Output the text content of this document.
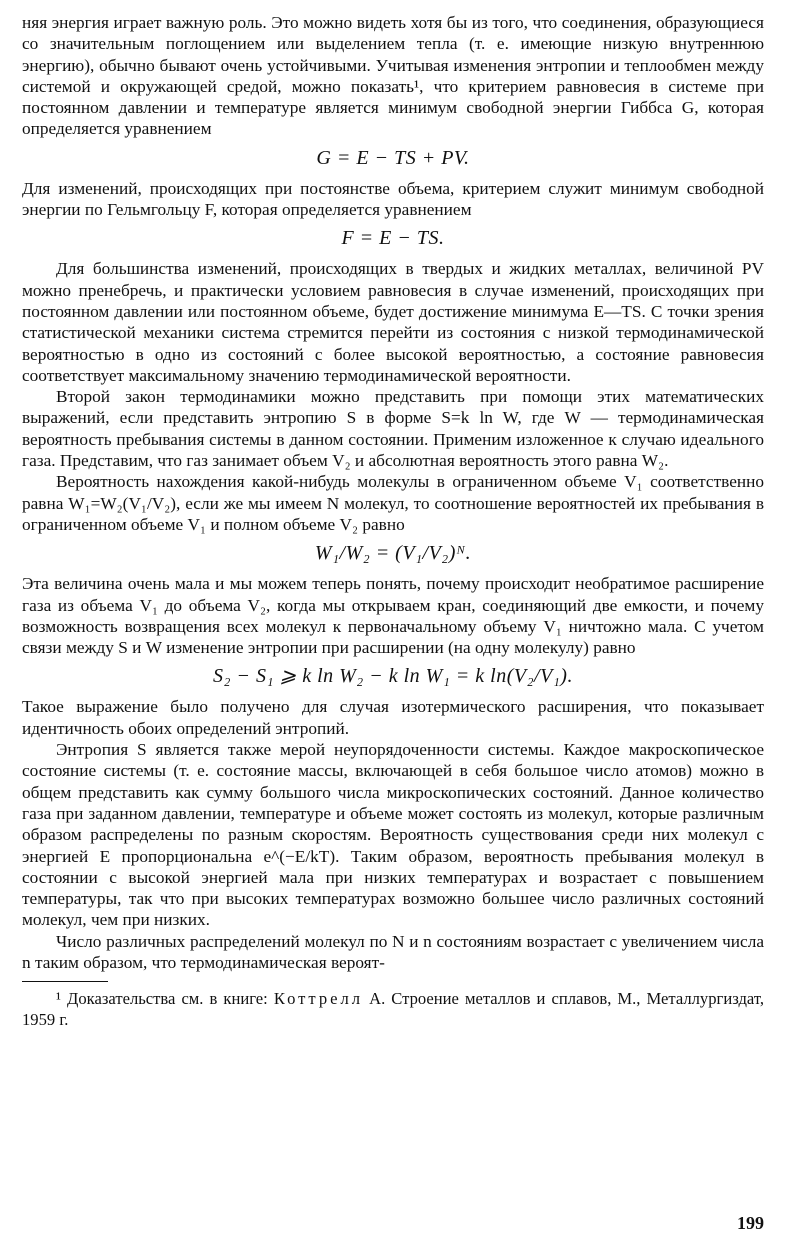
няя энергия играет важную роль. Это можно видеть хотя бы из того, что соединения, образующиеся со значительным поглощением или выделением тепла (т. е. имеющие низкую внутреннюю энергию), обычно бывают очень устойчивыми. Учитывая изменения энтропии и теплообмен между системой и окружающей средой, можно показать¹, что критерием равновесия в системе при постоянном давлении и температуре является минимум свободной энергии Гиббса G, которая определяется уравнением

G = E − TS + PV.

Для изменений, происходящих при постоянстве объема, критерием служит минимум свободной энергии по Гельмгольцу F, которая определяется уравнением

F = E − TS.

Для большинства изменений, происходящих в твердых и жидких металлах, величиной PV можно пренебречь, и практически условием равновесия в случае изменений, происходящих при постоянном давлении или постоянном объеме, будет достижение минимума E—TS. С точки зрения статистической механики система стремится перейти из состояния с низкой термодинамической вероятностью в одно из состояний с более высокой вероятностью, а состояние равновесия соответствует максимальному значению термодинамической вероятности.

Второй закон термодинамики можно представить при помощи этих математических выражений, если представить энтропию S в форме S=k ln W, где W — термодинамическая вероятность пребывания системы в данном состоянии. Применим изложенное к случаю идеального газа. Представим, что газ занимает объем V₂ и абсолютная вероятность этого равна W₂.

Вероятность нахождения какой-нибудь молекулы в ограниченном объеме V₁ соответственно равна W₁=W₂(V₁/V₂), если же мы имеем N молекул, то соотношение вероятностей их пребывания в ограниченном объеме V₁ и полном объеме V₂ равно

W₁/W₂ = (V₁/V₂)ᴺ.

Эта величина очень мала и мы можем теперь понять, почему происходит необратимое расширение газа из объема V₁ до объема V₂, когда мы открываем кран, соединяющий две емкости, и почему возможность возвращения всех молекул к первоначальному объему V₁ ничтожно мала. С учетом связи между S и W изменение энтропии при расширении (на одну молекулу) равно

S₂ − S₁ ⩾ k ln W₂ − k ln W₁ = k ln(V₂/V₁).

Такое выражение было получено для случая изотермического расширения, что показывает идентичность обоих определений энтропий.

Энтропия S является также мерой неупорядоченности системы. Каждое макроскопическое состояние системы (т. е. состояние массы, включающей в себя большое число атомов) можно в общем представить как сумму большого числа микроскопических состояний. Данное количество газа при заданном давлении, температуре и объеме может состоять из молекул, которые различным образом распределены по разным скоростям. Вероятность существования среди них молекул с энергией E пропорциональна e^(−E/kT). Таким образом, вероятность пребывания молекул в состоянии с высокой энергией мала при низких температурах и возрастает с повышением температуры, так что при высоких температурах возможно большее число различных состояний молекул, чем при низких.

Число различных распределений молекул по N и n состояниям возрастает с увеличением числа n таким образом, что термодинамическая вероят-

¹ Доказательства см. в книге: Коттрелл А. Строение металлов и сплавов, М., Металлургиздат, 1959 г.

199
